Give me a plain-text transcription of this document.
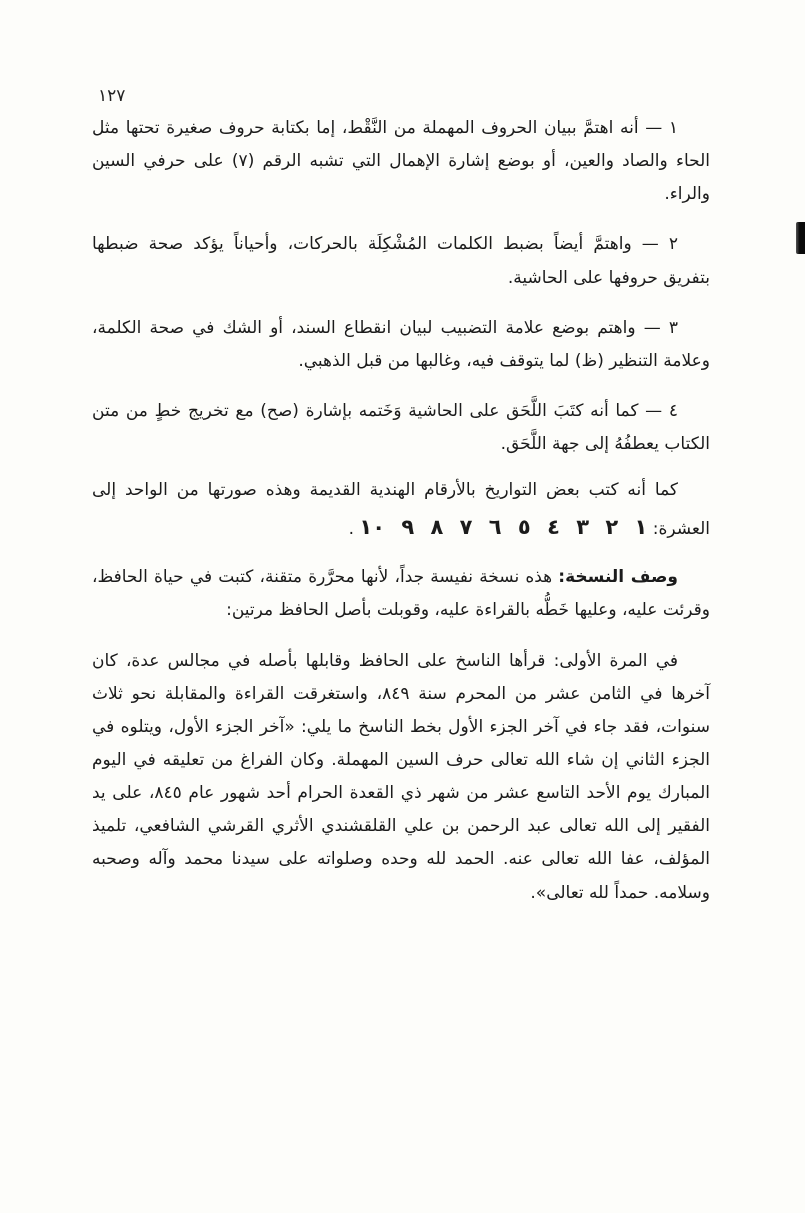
١٢٧

١ — أنه اهتمَّ ببيان الحروف المهملة من النَّقْط، إما بكتابة حروف صغيرة تحتها مثل الحاء والصاد والعين، أو بوضع إشارة الإهمال التي تشبه الرقم (٧) على حرفي السين والراء.

٢ — واهتمَّ أيضاً بضبط الكلمات المُشْكِلَة بالحركات، وأحياناً يؤكد صحة ضبطها بتفريق حروفها على الحاشية.

٣ — واهتم بوضع علامة التضبيب لبيان انقطاع السند، أو الشك في صحة الكلمة، وعلامة التنظير (ظ) لما يتوقف فيه، وغالبها من قبل الذهبي.

٤ — كما أنه كتَبَ اللَّحَق على الحاشية وَخَتمه بإشارة (صح) مع تخريج خطٍ من متن الكتاب يعطفُهُ إلى جهة اللَّحَق.

كما أنه كتب بعض التواريخ بالأرقام الهندية القديمة وهذه صورتها من الواحد إلى العشرة: ١ ٢ ٣ ٤ ٥ ٦ ٧ ٨ ٩ ١٠ .

وصف النسخة: هذه نسخة نفيسة جداً، لأنها محرَّرة متقنة، كتبت في حياة الحافظ، وقرئت عليه، وعليها خَطُّه بالقراءة عليه، وقوبلت بأصل الحافظ مرتين:

في المرة الأولى: قرأها الناسخ على الحافظ وقابلها بأصله في مجالس عدة، كان آخرها في الثامن عشر من المحرم سنة ٨٤٩، واستغرقت القراءة والمقابلة نحو ثلاث سنوات، فقد جاء في آخر الجزء الأول بخط الناسخ ما يلي: «آخر الجزء الأول، ويتلوه في الجزء الثاني إن شاء الله تعالى حرف السين المهملة. وكان الفراغ من تعليقه في اليوم المبارك يوم الأحد التاسع عشر من شهر ذي القعدة الحرام أحد شهور عام ٨٤٥، على يد الفقير إلى الله تعالى عبد الرحمن بن علي القلقشندي الأثري القرشي الشافعي، تلميذ المؤلف، عفا الله تعالى عنه. الحمد لله وحده وصلواته على سيدنا محمد وآله وصحبه وسلامه. حمداً لله تعالى».
